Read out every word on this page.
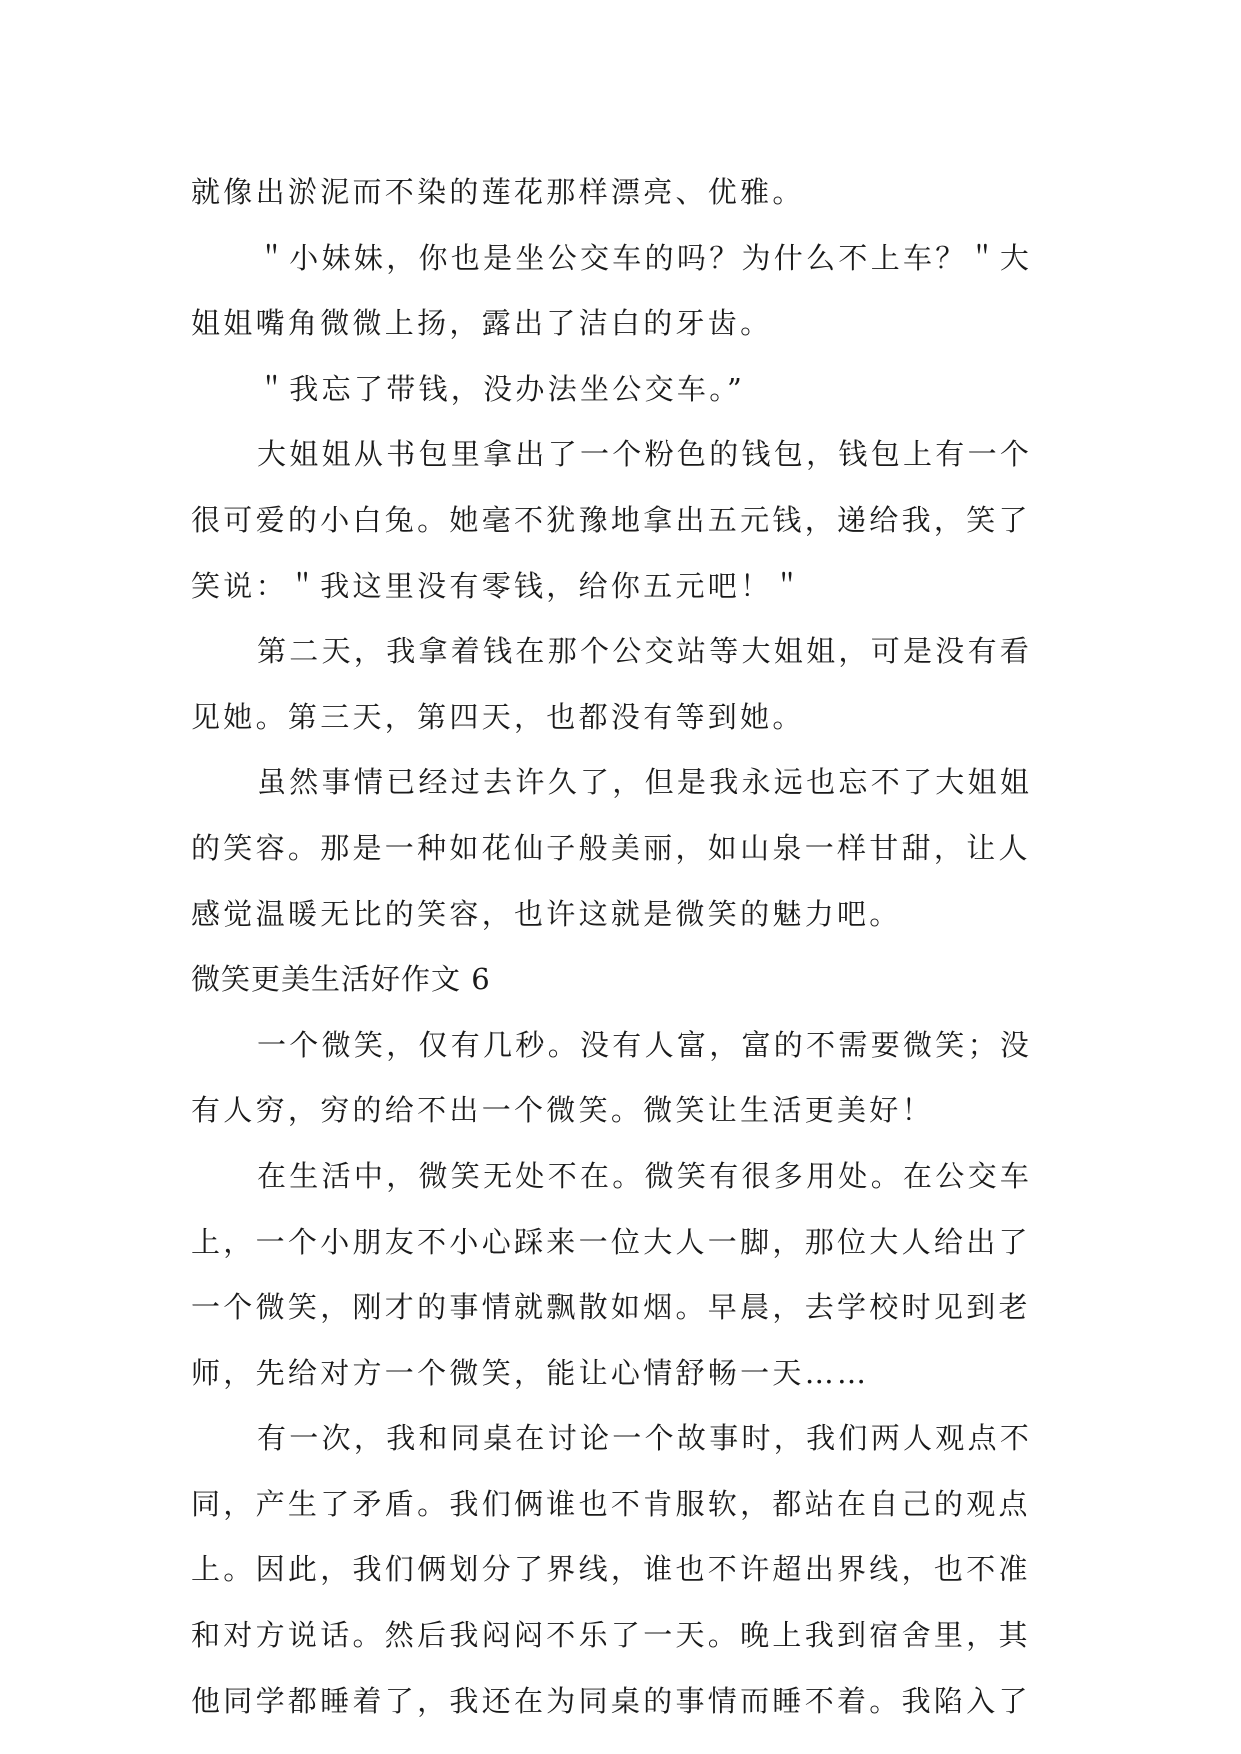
就像出淤泥而不染的莲花那样漂亮、优雅。

＂小妹妹，你也是坐公交车的吗？为什么不上车？＂大

姐姐嘴角微微上扬，露出了洁白的牙齿。

＂我忘了带钱，没办法坐公交车。”

大姐姐从书包里拿出了一个粉色的钱包，钱包上有一个

很可爱的小白兔。她毫不犹豫地拿出五元钱，递给我，笑了

笑说：＂我这里没有零钱，给你五元吧！＂

第二天，我拿着钱在那个公交站等大姐姐，可是没有看

见她。第三天，第四天，也都没有等到她。

虽然事情已经过去许久了，但是我永远也忘不了大姐姐

的笑容。那是一种如花仙子般美丽，如山泉一样甘甜，让人

感觉温暖无比的笑容，也许这就是微笑的魅力吧。

微笑更美生活好作文 6

一个微笑，仅有几秒。没有人富，富的不需要微笑；没

有人穷，穷的给不出一个微笑。微笑让生活更美好！

在生活中，微笑无处不在。微笑有很多用处。在公交车

上，一个小朋友不小心踩来一位大人一脚，那位大人给出了

一个微笑，刚才的事情就飘散如烟。早晨，去学校时见到老

师，先给对方一个微笑，能让心情舒畅一天……

有一次，我和同桌在讨论一个故事时，我们两人观点不

同，产生了矛盾。我们俩谁也不肯服软，都站在自己的观点

上。因此，我们俩划分了界线，谁也不许超出界线，也不准

和对方说话。然后我闷闷不乐了一天。晚上我到宿舍里，其

他同学都睡着了，我还在为同桌的事情而睡不着。我陷入了
